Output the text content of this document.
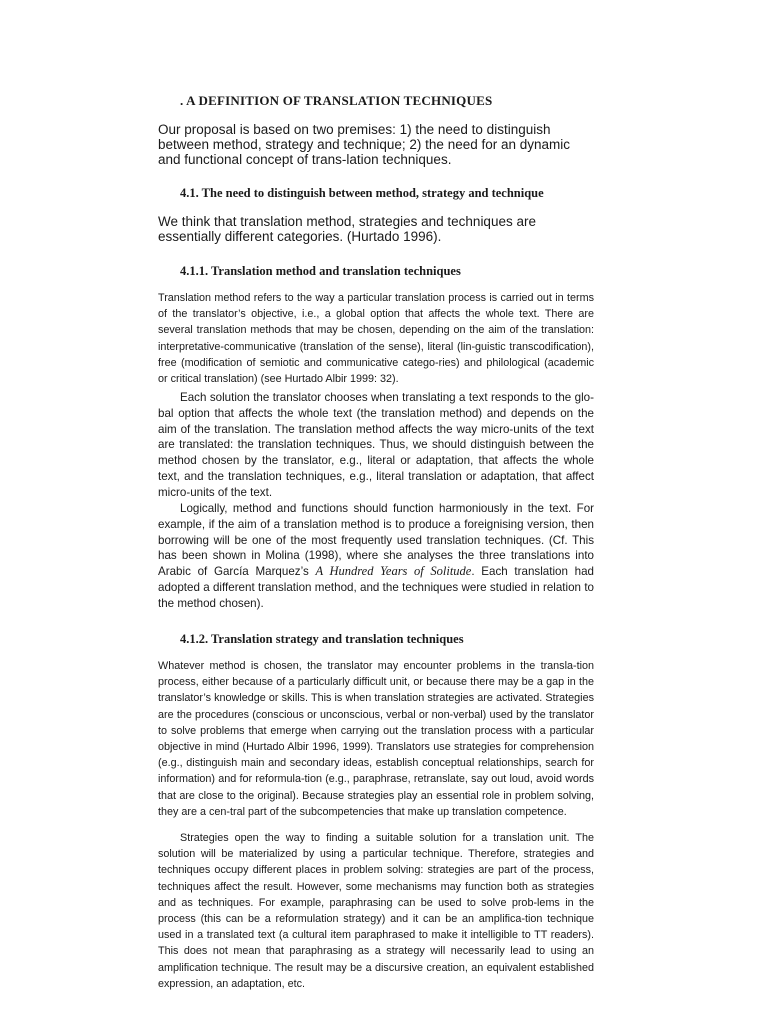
. A DEFINITION OF TRANSLATION TECHNIQUES

Our proposal is based on two premises: 1) the need to distinguish between method, strategy and technique; 2) the need for an dynamic and functional concept of trans-lation techniques.

4.1. The need to distinguish between method, strategy and technique

We think that translation method, strategies and techniques are essentially different categories. (Hurtado 1996).

4.1.1. Translation method and translation techniques

Translation method refers to the way a particular translation process is carried out in terms of the translator’s objective, i.e., a global option that affects the whole text. There are several translation methods that may be chosen, depending on the aim of the translation: interpretative-communicative (translation of the sense), literal (lin-guistic transcodification), free (modification of semiotic and communicative catego-ries) and philological (academic or critical translation) (see Hurtado Albir 1999: 32).

Each solution the translator chooses when translating a text responds to the glo-bal option that affects the whole text (the translation method) and depends on the aim of the translation. The translation method affects the way micro-units of the text are translated: the translation techniques. Thus, we should distinguish between the method chosen by the translator, e.g., literal or adaptation, that affects the whole text, and the translation techniques, e.g., literal translation or adaptation, that affect micro-units of the text.

Logically, method and functions should function harmoniously in the text. For example, if the aim of a translation method is to produce a foreignising version, then borrowing will be one of the most frequently used translation techniques. (Cf. This has been shown in Molina (1998), where she analyses the three translations into Arabic of García Marquez’s A Hundred Years of Solitude. Each translation had adopted a different translation method, and the techniques were studied in relation to the method chosen).

4.1.2. Translation strategy and translation techniques

Whatever method is chosen, the translator may encounter problems in the transla-tion process, either because of a particularly difficult unit, or because there may be a gap in the translator’s knowledge or skills. This is when translation strategies are activated. Strategies are the procedures (conscious or unconscious, verbal or non-verbal) used by the translator to solve problems that emerge when carrying out the translation process with a particular objective in mind (Hurtado Albir 1996, 1999). Translators use strategies for comprehension (e.g., distinguish main and secondary ideas, establish conceptual relationships, search for information) and for reformula-tion (e.g., paraphrase, retranslate, say out loud, avoid words that are close to the original). Because strategies play an essential role in problem solving, they are a cen-tral part of the subcompetencies that make up translation competence.

Strategies open the way to finding a suitable solution for a translation unit. The solution will be materialized by using a particular technique. Therefore, strategies and techniques occupy different places in problem solving: strategies are part of the process, techniques affect the result. However, some mechanisms may function both as strategies and as techniques. For example, paraphrasing can be used to solve prob-lems in the process (this can be a reformulation strategy) and it can be an amplifica-tion technique used in a translated text (a cultural item paraphrased to make it intelligible to TT readers). This does not mean that paraphrasing as a strategy will necessarily lead to using an amplification technique. The result may be a discursive creation, an equivalent established expression, an adaptation, etc.
